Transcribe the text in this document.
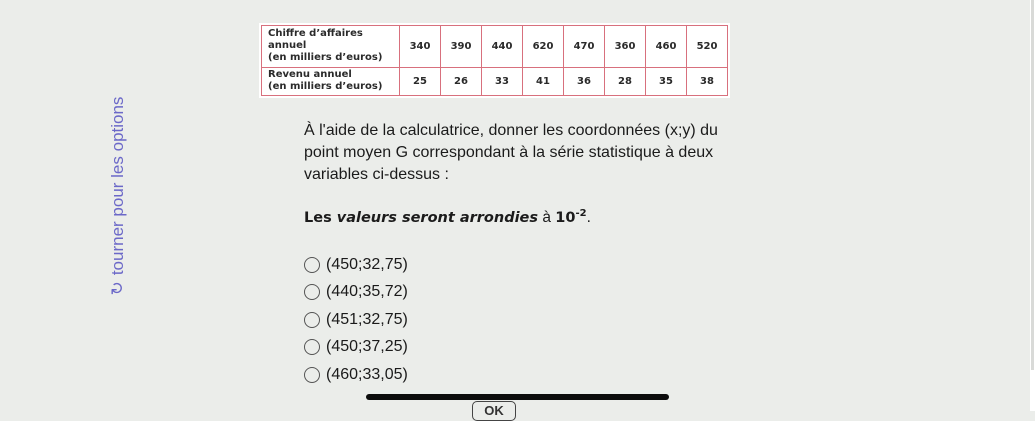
↻
tourner pour les options
Chiffre d’affaires annuel
(en milliers d’euros)	340	390	440	620	470	360	460	520

Revenu annuel
(en milliers d’euros)	25	26	33	41	36	28	35	38
À l'aide de la calculatrice, donner les coordonnées (x;y) du point moyen G correspondant à la série statistique à deux variables ci-dessus :
Les valeurs seront arrondies à $10^{-2}$.
(450;32,75)
(440;35,72)
(451;32,75)
(450;37,25)
(460;33,05)
OK
